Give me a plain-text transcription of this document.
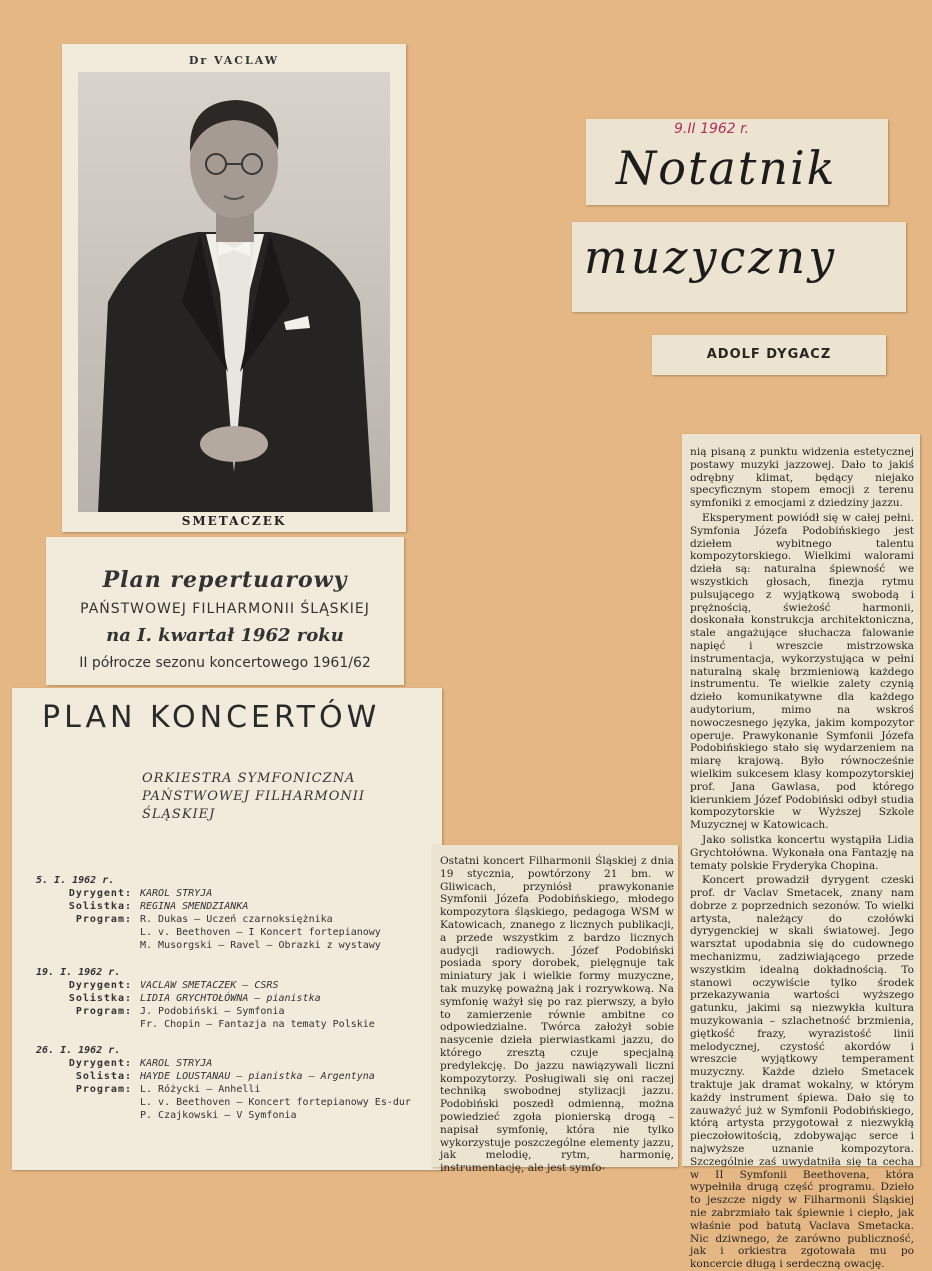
Dr VACLAW
SMETACZEK
Plan repertuarowy
PAŃSTWOWEJ FILHARMONII ŚLĄSKIEJ
na I. kwartał 1962 roku
II półrocze sezonu koncertowego 1961/62
PLAN KONCERTÓW
ORKIESTRA SYMFONICZNA
PAŃSTWOWEJ FILHARMONII
ŚLĄSKIEJ
5. I. 1962 r.
Dyrygent: KAROL STRYJA
Solistka: REGINA SMENDZIANKA
Program: R. Dukas – Uczeń czarnoksiężnika
L. v. Beethoven – I Koncert fortepianowy
M. Musorgski – Ravel – Obrazki z wystawy
19. I. 1962 r.
Dyrygent: VACLAW SMETACZEK – CSRS
Solistka: LIDIA GRYCHTOŁÓWNA – pianistka
Program: J. Podobiński – Symfonia
Fr. Chopin – Fantazja na tematy Polskie
26. I. 1962 r.
Dyrygent: KAROL STRYJA
Solista: HAYDE LOUSTANAU – pianistka – Argentyna
Program: L. Różycki – Anhelli
L. v. Beethoven – Koncert fortepianowy Es-dur
P. Czajkowski – V Symfonia
9.II 1962 r.
Notatnik
muzyczny
ADOLF DYGACZ

Ostatni koncert Filharmonii Śląskiej z dnia 19 stycznia, powtórzony 21 bm. w Gliwicach, przyniósł prawykonanie Symfonii Józefa Podobińskiego, młodego kompozytora śląskiego, pedagoga WSM w Katowicach, znanego z licznych publikacji, a przede wszystkim z bardzo licznych audycji radiowych. Józef Podobiński posiada spory dorobek, pielęgnuje tak miniatury jak i wielkie formy muzyczne, tak muzykę poważną jak i rozrywkową. Na symfonię ważył się po raz pierwszy, a było to zamierzenie równie ambitne co odpowiedzialne. Twórca założył sobie nasycenie dzieła pierwiastkami jazzu, do którego zresztą czuje specjalną predylekcję. Do jazzu nawiązywali liczni kompozytorzy. Posługiwali się oni raczej techniką swobodnej stylizacji jazzu. Podobiński poszedł odmienną, można powiedzieć zgoła pionierską drogą – napisał symfonię, która nie tylko wykorzystuje poszczególne elementy jazzu, jak melodię, rytm, harmonię, instrumentację, ale jest symfo-

nią pisaną z punktu widzenia estetycznej postawy muzyki jazzowej. Dało to jakiś odrębny klimat, będący niejako specyficznym stopem emocji z terenu symfoniki z emocjami z dziedziny jazzu.

Eksperyment powiódł się w całej pełni. Symfonia Józefa Podobińskiego jest dziełem wybitnego talentu kompozytorskiego. Wielkimi walorami dzieła są: naturalna śpiewność we wszystkich głosach, finezja rytmu pulsującego z wyjątkową swobodą i prężnością, świeżość harmonii, doskonała konstrukcja architektoniczna, stale angażujące słuchacza falowanie napięć i wreszcie mistrzowska instrumentacja, wykorzystująca w pełni naturalną skalę brzmieniową każdego instrumentu. Te wielkie zalety czynią dzieło komunikatywne dla każdego audytorium, mimo na wskroś nowoczesnego języka, jakim kompozytor operuje. Prawykonanie Symfonii Józefa Podobińskiego stało się wydarzeniem na miarę krajową. Było równocześnie wielkim sukcesem klasy kompozytorskiej prof. Jana Gawlasa, pod którego kierunkiem Józef Podobiński odbył studia kompozytorskie w Wyższej Szkole Muzycznej w Katowicach.

Jako solistka koncertu wystąpiła Lidia Grychtołówna. Wykonała ona Fantazję na tematy polskie Fryderyka Chopina.

Koncert prowadził dyrygent czeski prof. dr Vaclav Smetacek, znany nam dobrze z poprzednich sezonów. To wielki artysta, należący do czołówki dyrygenckiej w skali światowej. Jego warsztat upodabnia się do cudownego mechanizmu, zadziwiającego przede wszystkim idealną dokładnością. To stanowi oczywiście tylko środek przekazywania wartości wyższego gatunku, jakimi są niezwykła kultura muzykowania – szlachetność brzmienia, giętkość frazy, wyrazistość linii melodycznej, czystość akordów i wreszcie wyjątkowy temperament muzyczny. Każde dzieło Smetacek traktuje jak dramat wokalny, w którym każdy instrument śpiewa. Dało się to zauważyć już w Symfonii Podobińskiego, którą artysta przygotował z niezwykłą pieczołowitością, zdobywając serce i najwyższe uznanie kompozytora. Szczególnie zaś uwydatniła się ta cecha w II Symfonii Beethovena, która wypełniła drugą część programu. Dzieło to jeszcze nigdy w Filharmonii Śląskiej nie zabrzmiało tak śpiewnie i ciepło, jak właśnie pod batutą Vaclava Smetacka. Nic dziwnego, że zarówno publiczność, jak i orkiestra zgotowała mu po koncercie długą i serdeczną owację.
